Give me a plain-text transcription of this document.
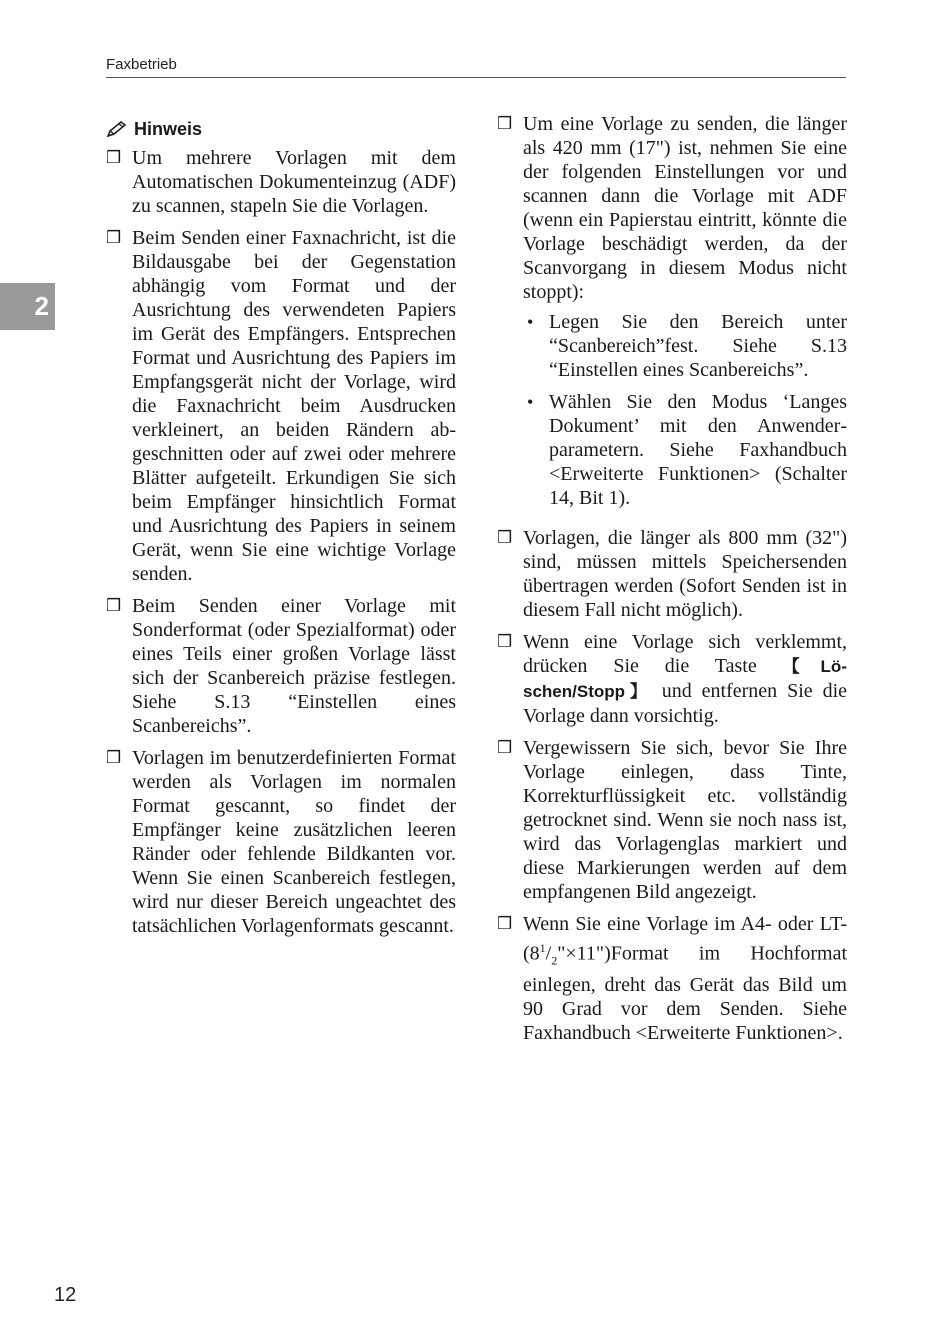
Faxbetrieb
2
Hinweis
❒ Um mehrere Vorlagen mit dem Automatischen Dokumenteinzug (ADF) zu scannen, stapeln Sie die Vorlagen.
❒ Beim Senden einer Faxnachricht, ist die Bildausgabe bei der Gegenstation abhängig vom Format und der Ausrichtung des verwendeten Papiers im Gerät des Empfängers. Entsprechen Format und Ausrichtung des Papiers im Empfangsgerät nicht der Vorlage, wird die Faxnachricht beim Ausdrucken verkleinert, an beiden Rändern abgeschnitten oder auf zwei oder mehrere Blätter aufgeteilt. Erkundigen Sie sich beim Empfänger hinsichtlich Format und Ausrichtung des Papiers in seinem Gerät, wenn Sie eine wichtige Vorlage senden.
❒ Beim Senden einer Vorlage mit Sonderformat (oder Spezialformat) oder eines Teils einer großen Vorlage lässt sich der Scanbereich präzise festlegen. Siehe S.13 “Einstellen eines Scanbereichs”.
❒ Vorlagen im benutzerdefinierten Format werden als Vorlagen im normalen Format gescannt, so findet der Empfänger keine zusätzlichen leeren Ränder oder fehlende Bildkanten vor. Wenn Sie einen Scanbereich festlegen, wird nur dieser Bereich ungeachtet des tatsächlichen Vorlagenformats gescannt.
❒ Um eine Vorlage zu senden, die länger als 420 mm (17") ist, nehmen Sie eine der folgenden Einstellungen vor und scannen dann die Vorlage mit ADF (wenn ein Papierstau eintritt, könnte die Vorlage beschädigt werden, da der Scanvorgang in diesem Modus nicht stoppt):
• Legen Sie den Bereich unter “Scanbereich”fest. Siehe S.13 “Einstellen eines Scanbereichs”.
• Wählen Sie den Modus ‘Langes Dokument’ mit den Anwenderparametern. Siehe Faxhandbuch <Erweiterte Funktionen> (Schalter 14, Bit 1).
❒ Vorlagen, die länger als 800 mm (32") sind, müssen mittels Speichersenden übertragen werden (Sofort Senden ist in diesem Fall nicht möglich).
❒ Wenn eine Vorlage sich verklemmt, drücken Sie die Taste 【Löschen/Stopp】 und entfernen Sie die Vorlage dann vorsichtig.
❒ Vergewissern Sie sich, bevor Sie Ihre Vorlage einlegen, dass Tinte, Korrekturflüssigkeit etc. vollständig getrocknet sind. Wenn sie noch nass ist, wird das Vorlagenglas markiert und diese Markierungen werden auf dem empfangenen Bild angezeigt.
❒ Wenn Sie eine Vorlage im A4- oder LT- $(8^1/_2"\times 11")Format$ im Hochformat einlegen, dreht das Gerät das Bild um 90 Grad vor dem Senden. Siehe Faxhandbuch <Erweiterte Funktionen>.
12
